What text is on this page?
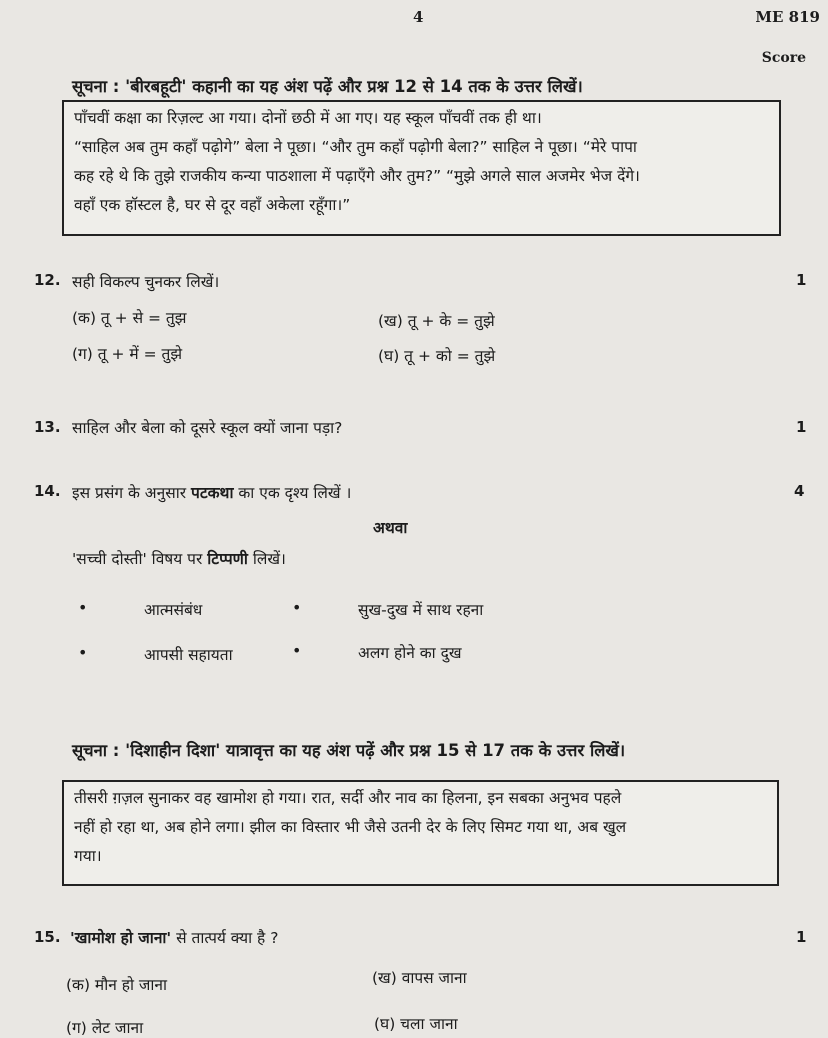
4	ME 819
Score
सूचना : 'बीरबहूटी' कहानी का यह अंश पढ़ें और प्रश्न 12 से 14 तक के उत्तर लिखें।

पाँचवीं कक्षा का रिज़ल्ट आ गया। दोनों छठी में आ गए। यह स्कूल पाँचवीं तक ही था।

“साहिल अब तुम कहाँ पढ़ोगे” बेला ने पूछा। “और तुम कहाँ पढ़ोगी बेला?” साहिल ने पूछा। “मेरे पापा

कह रहे थे कि तुझे राजकीय कन्या पाठशाला में पढ़ाएँगे और तुम?” “मुझे अगले साल अजमेर भेज देंगे।

वहाँ एक हॉस्टल है, घर से दूर वहाँ अकेला रहूँगा।”

12. सही विकल्प चुनकर लिखें।	1
(क) तू + से = तुझ	(ख) तू + के = तुझे
(ग) तू + में = तुझे	(घ) तू + को = तुझे
13. साहिल और बेला को दूसरे स्कूल क्यों जाना पड़ा?	1
14. इस प्रसंग के अनुसार पटकथा का एक दृश्य लिखें ।	4
अथवा
'सच्ची दोस्ती' विषय पर टिप्पणी लिखें।
• आत्मसंबंध	• सुख-दुख में साथ रहना
• आपसी सहायता	• अलग होने का दुख
सूचना : 'दिशाहीन दिशा' यात्रावृत्त का यह अंश पढ़ें और प्रश्न 15 से 17 तक के उत्तर लिखें।

तीसरी ग़ज़ल सुनाकर वह खामोश हो गया। रात, सर्दी और नाव का हिलना, इन सबका अनुभव पहले

नहीं हो रहा था, अब होने लगा। झील का विस्तार भी जैसे उतनी देर के लिए सिमट गया था, अब खुल

गया।

15. 'खामोश हो जाना' से तात्पर्य क्या है ?	1
(क) मौन हो जाना	(ख) वापस जाना
(ग) लेट जाना	(घ) चला जाना
